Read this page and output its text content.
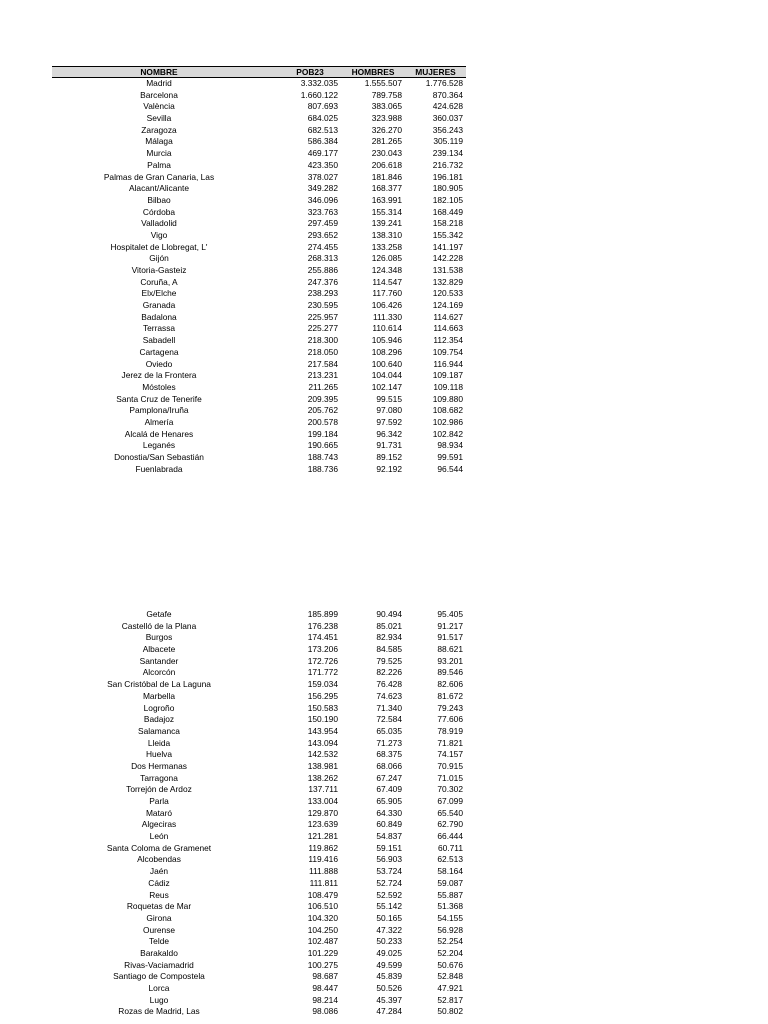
NOMBRE	POB23	HOMBRES	MUJERES
Madrid	3.332.035	1.555.507	1.776.528
Barcelona	1.660.122	789.758	870.364
València	807.693	383.065	424.628
Sevilla	684.025	323.988	360.037
Zaragoza	682.513	326.270	356.243
Málaga	586.384	281.265	305.119
Murcia	469.177	230.043	239.134
Palma	423.350	206.618	216.732
Palmas de Gran Canaria, Las	378.027	181.846	196.181
Alacant/Alicante	349.282	168.377	180.905
Bilbao	346.096	163.991	182.105
Córdoba	323.763	155.314	168.449
Valladolid	297.459	139.241	158.218
Vigo	293.652	138.310	155.342
Hospitalet de Llobregat, L'	274.455	133.258	141.197
Gijón	268.313	126.085	142.228
Vitoria-Gasteiz	255.886	124.348	131.538
Coruña, A	247.376	114.547	132.829
Elx/Elche	238.293	117.760	120.533
Granada	230.595	106.426	124.169
Badalona	225.957	111.330	114.627
Terrassa	225.277	110.614	114.663
Sabadell	218.300	105.946	112.354
Cartagena	218.050	108.296	109.754
Oviedo	217.584	100.640	116.944
Jerez de la Frontera	213.231	104.044	109.187
Móstoles	211.265	102.147	109.118
Santa Cruz de Tenerife	209.395	99.515	109.880
Pamplona/Iruña	205.762	97.080	108.682
Almería	200.578	97.592	102.986
Alcalá de Henares	199.184	96.342	102.842
Leganés	190.665	91.731	98.934
Donostia/San Sebastián	188.743	89.152	99.591
Fuenlabrada	188.736	92.192	96.544
Getafe	185.899	90.494	95.405
Castelló de la Plana	176.238	85.021	91.217
Burgos	174.451	82.934	91.517
Albacete	173.206	84.585	88.621
Santander	172.726	79.525	93.201
Alcorcón	171.772	82.226	89.546
San Cristóbal de La Laguna	159.034	76.428	82.606
Marbella	156.295	74.623	81.672
Logroño	150.583	71.340	79.243
Badajoz	150.190	72.584	77.606
Salamanca	143.954	65.035	78.919
Lleida	143.094	71.273	71.821
Huelva	142.532	68.375	74.157
Dos Hermanas	138.981	68.066	70.915
Tarragona	138.262	67.247	71.015
Torrejón de Ardoz	137.711	67.409	70.302
Parla	133.004	65.905	67.099
Mataró	129.870	64.330	65.540
Algeciras	123.639	60.849	62.790
León	121.281	54.837	66.444
Santa Coloma de Gramenet	119.862	59.151	60.711
Alcobendas	119.416	56.903	62.513
Jaén	111.888	53.724	58.164
Cádiz	111.811	52.724	59.087
Reus	108.479	52.592	55.887
Roquetas de Mar	106.510	55.142	51.368
Girona	104.320	50.165	54.155
Ourense	104.250	47.322	56.928
Telde	102.487	50.233	52.254
Barakaldo	101.229	49.025	52.204
Rivas-Vaciamadrid	100.275	49.599	50.676
Santiago de Compostela	98.687	45.839	52.848
Lorca	98.447	50.526	47.921
Lugo	98.214	45.397	52.817
Rozas de Madrid, Las	98.086	47.284	50.802
